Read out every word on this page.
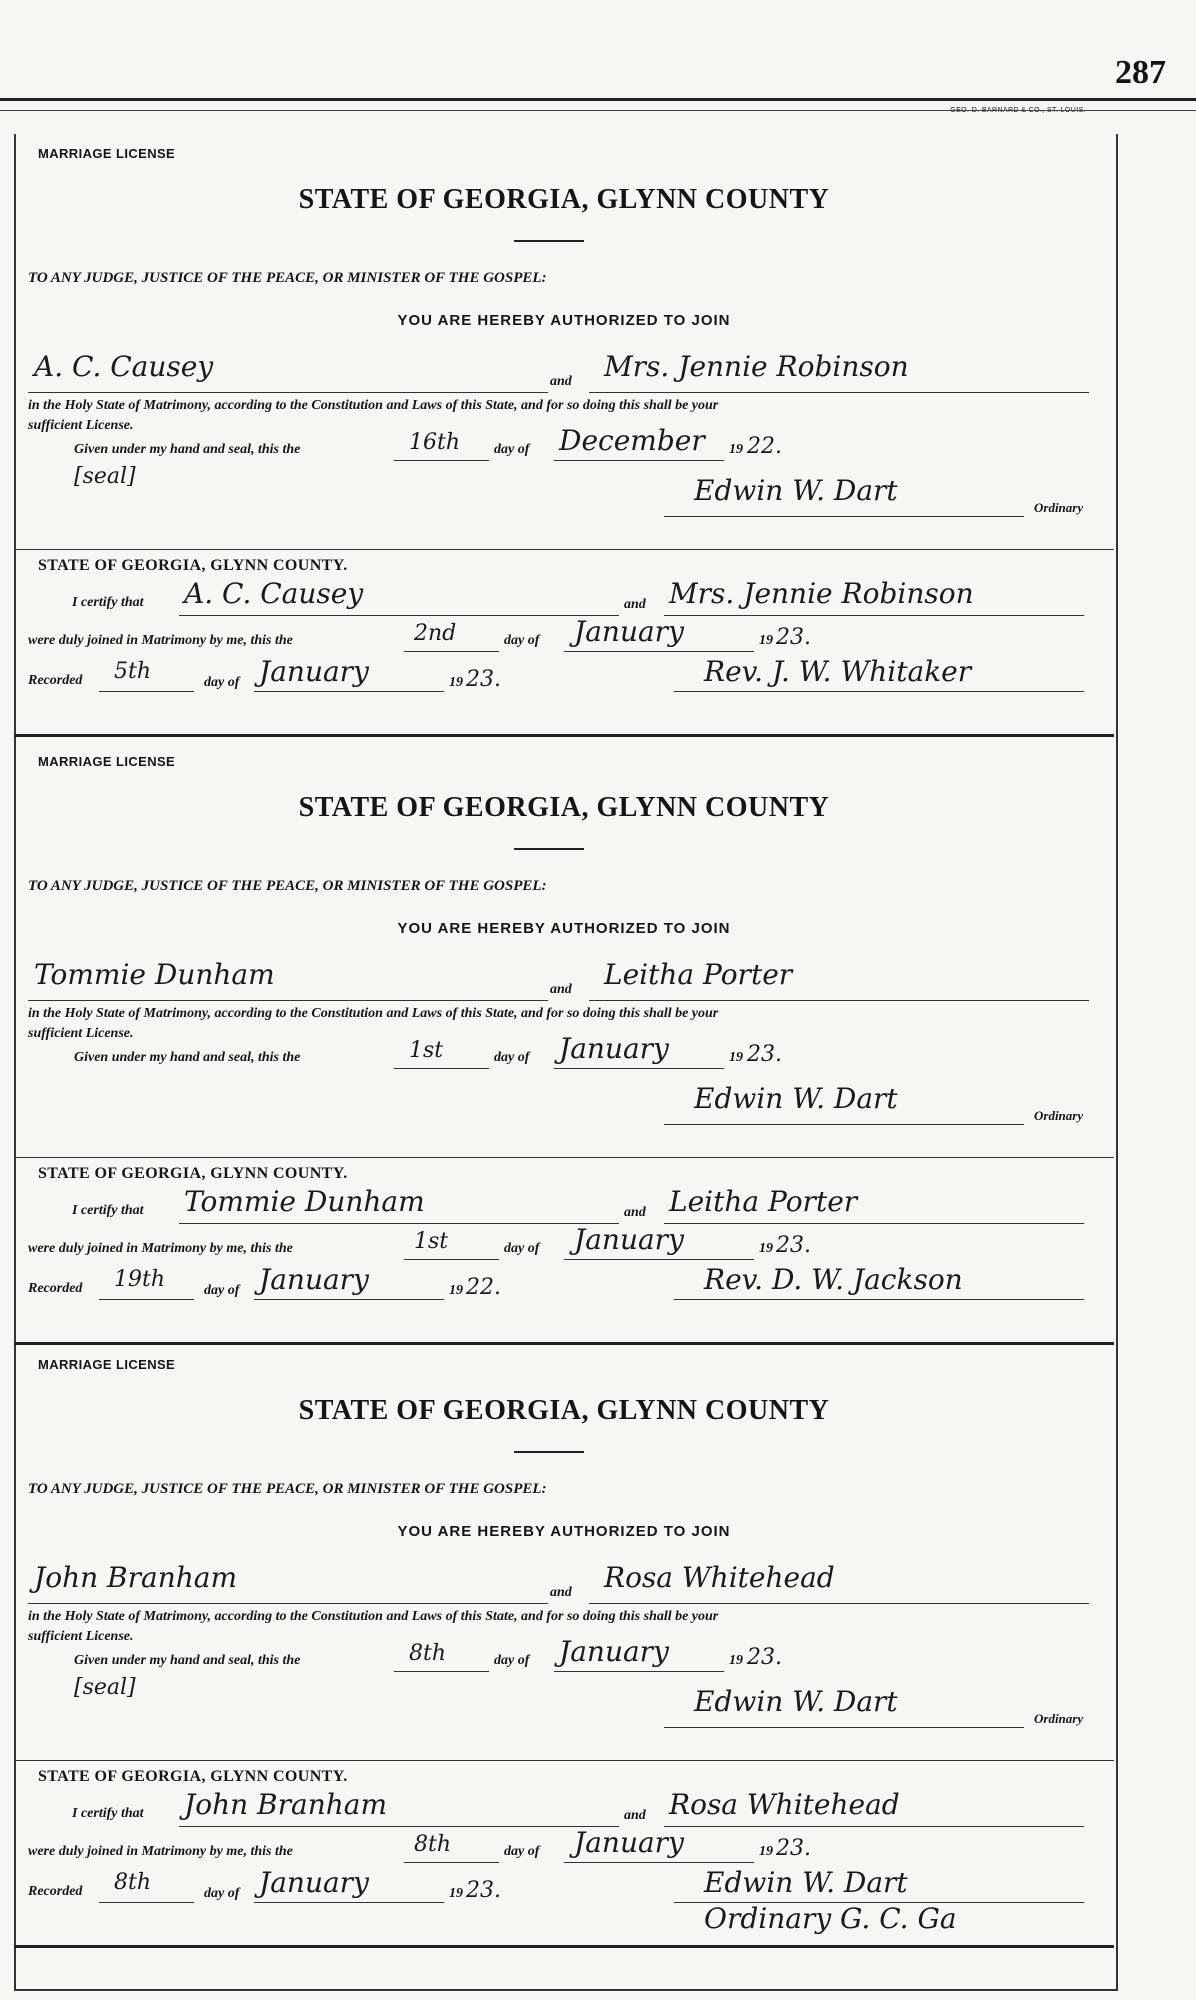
287
GEO. D. BARNARD & CO., ST. LOUIS.
MARRIAGE LICENSE
STATE OF GEORGIA, GLYNN COUNTY
TO ANY JUDGE, JUSTICE OF THE PEACE, OR MINISTER OF THE GOSPEL:
YOU ARE HEREBY AUTHORIZED TO JOIN
A. C. Causey	and Mrs. Jennie Robinson
in the Holy State of Matrimony, according to the Constitution and Laws of this State, and for so doing this shall be your
sufficient License.
Given under my hand and seal, this the	16th day of December 19 22.
[seal]	Edwin W. Dart
Ordinary
STATE OF GEORGIA, GLYNN COUNTY.
I certify that A. C. Causey	and Mrs. Jennie Robinson
were duly joined in Matrimony by me, this the	2nd	day of January	19 23.
Recorded 5th	day of January	19 23.	Rev. J. W. Whitaker
MARRIAGE LICENSE
STATE OF GEORGIA, GLYNN COUNTY
TO ANY JUDGE, JUSTICE OF THE PEACE, OR MINISTER OF THE GOSPEL:
YOU ARE HEREBY AUTHORIZED TO JOIN
Tommie Dunham	and Leitha Porter
in the Holy State of Matrimony, according to the Constitution and Laws of this State, and for so doing this shall be your
sufficient License.
Given under my hand and seal, this the	1st	day of January	19 23.
Edwin W. Dart
Ordinary
STATE OF GEORGIA, GLYNN COUNTY.
I certify that Tommie Dunham	and Leitha Porter
were duly joined in Matrimony by me, this the	1st	day of January	19 23.
Recorded 19th	day of January	19 22.	Rev. D. W. Jackson
MARRIAGE LICENSE
STATE OF GEORGIA, GLYNN COUNTY
TO ANY JUDGE, JUSTICE OF THE PEACE, OR MINISTER OF THE GOSPEL:
YOU ARE HEREBY AUTHORIZED TO JOIN
John Branham	and Rosa Whitehead
in the Holy State of Matrimony, according to the Constitution and Laws of this State, and for so doing this shall be your
sufficient License.
Given under my hand and seal, this the	8th	day of January	19 23.
[seal]	Edwin W. Dart
Ordinary
STATE OF GEORGIA, GLYNN COUNTY.
I certify that John Branham	and Rosa Whitehead
were duly joined in Matrimony by me, this the	8th	day of January	19 23.
Recorded 8th	day of January	19 23.	Edwin W. Dart
Ordinary G. C. Ga
